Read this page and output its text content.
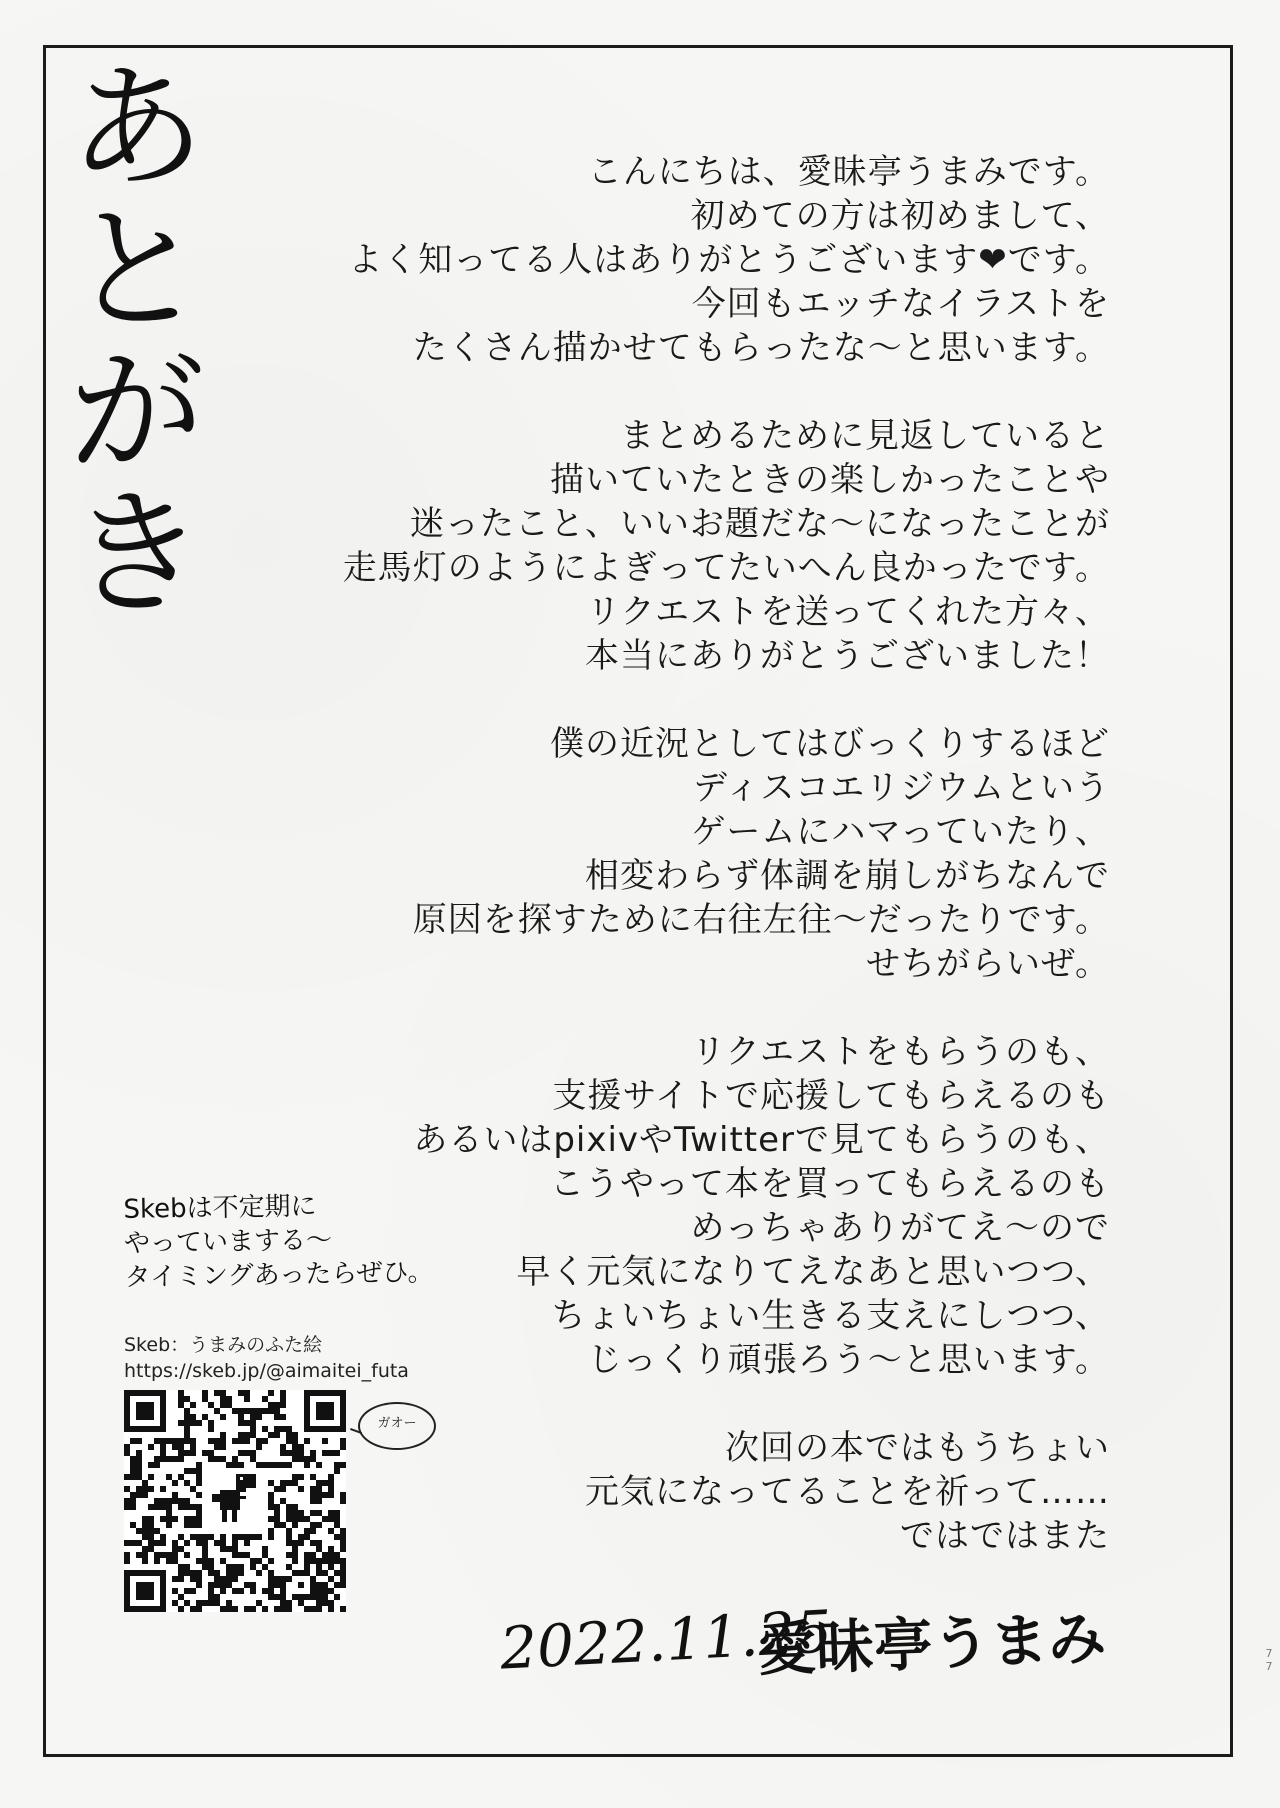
あ
と
が
き
こんにちは、愛昧亭うまみです。
初めての方は初めまして、
よく知ってる人はありがとうございます❤です。
今回もエッチなイラストを
たくさん描かせてもらったな〜と思います。
まとめるために見返していると
描いていたときの楽しかったことや
迷ったこと、いいお題だな〜になったことが
走馬灯のようによぎってたいへん良かったです。
リクエストを送ってくれた方々、
本当にありがとうございました！
僕の近況としてはびっくりするほど
ディスコエリジウムという
ゲームにハマっていたり、
相変わらず体調を崩しがちなんで
原因を探すために右往左往〜だったりです。
せちがらいぜ。
リクエストをもらうのも、
支援サイトで応援してもらえるのも
あるいはpixivやTwitterで見てもらうのも、
こうやって本を買ってもらえるのも
めっちゃありがてえ〜ので
早く元気になりてえなあと思いつつ、
ちょいちょい生きる支えにしつつ、
じっくり頑張ろう〜と思います。
次回の本ではもうちょい
元気になってることを祈って……
ではではまた
Skebは不定期に
やっていまする〜
タイミングあったらぜひ。
Skeb：うまみのふた絵
https://skeb.jp/@aimaitei_futa
ガオー
2022.11.25
愛昧亭うまみ	7
7
